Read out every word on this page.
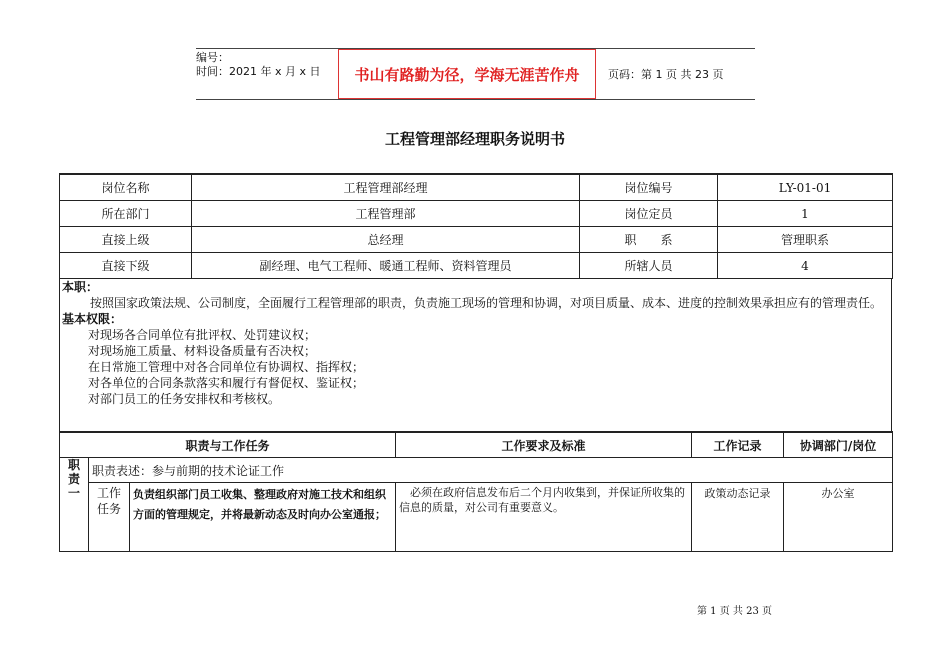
编号：
时间：2021 年 x 月 x 日	书山有路勤为径，学海无涯苦作舟	页码：第 1 页 共 23 页
工程管理部经理职务说明书
岗位名称	工程管理部经理	岗位编号	LY-01-01
所在部门	工程管理部	岗位定员	1
直接上级	总经理	职　　系	管理职系
直接下级	副经理、电气工程师、暖通工程师、资料管理员	所辖人员	4
本职：
按照国家政策法规、公司制度，全面履行工程管理部的职责，负责施工现场的管理和协调，对项目质量、成本、进度的控制效果承担应有的管理责任。
基本权限：
对现场各合同单位有批评权、处罚建议权；
对现场施工质量、材料设备质量有否决权；
在日常施工管理中对各合同单位有协调权、指挥权；
对各单位的合同条款落实和履行有督促权、鉴证权；
对部门员工的任务安排权和考核权。
职责与工作任务			工作要求及标准	工作记录	协调部门/岗位
职
责
一	职责表述：参与前期的技术论证工作				
	工作
任务	负责组织部门员工收集、整理政府对施工技术和组织方面的管理规定，并将最新动态及时向办公室通报；	　必须在政府信息发布后二个月内收集到，并保证所收集的信息的质量，对公司有重要意义。	政策动态记录	办公室
第 1 页 共 23 页
